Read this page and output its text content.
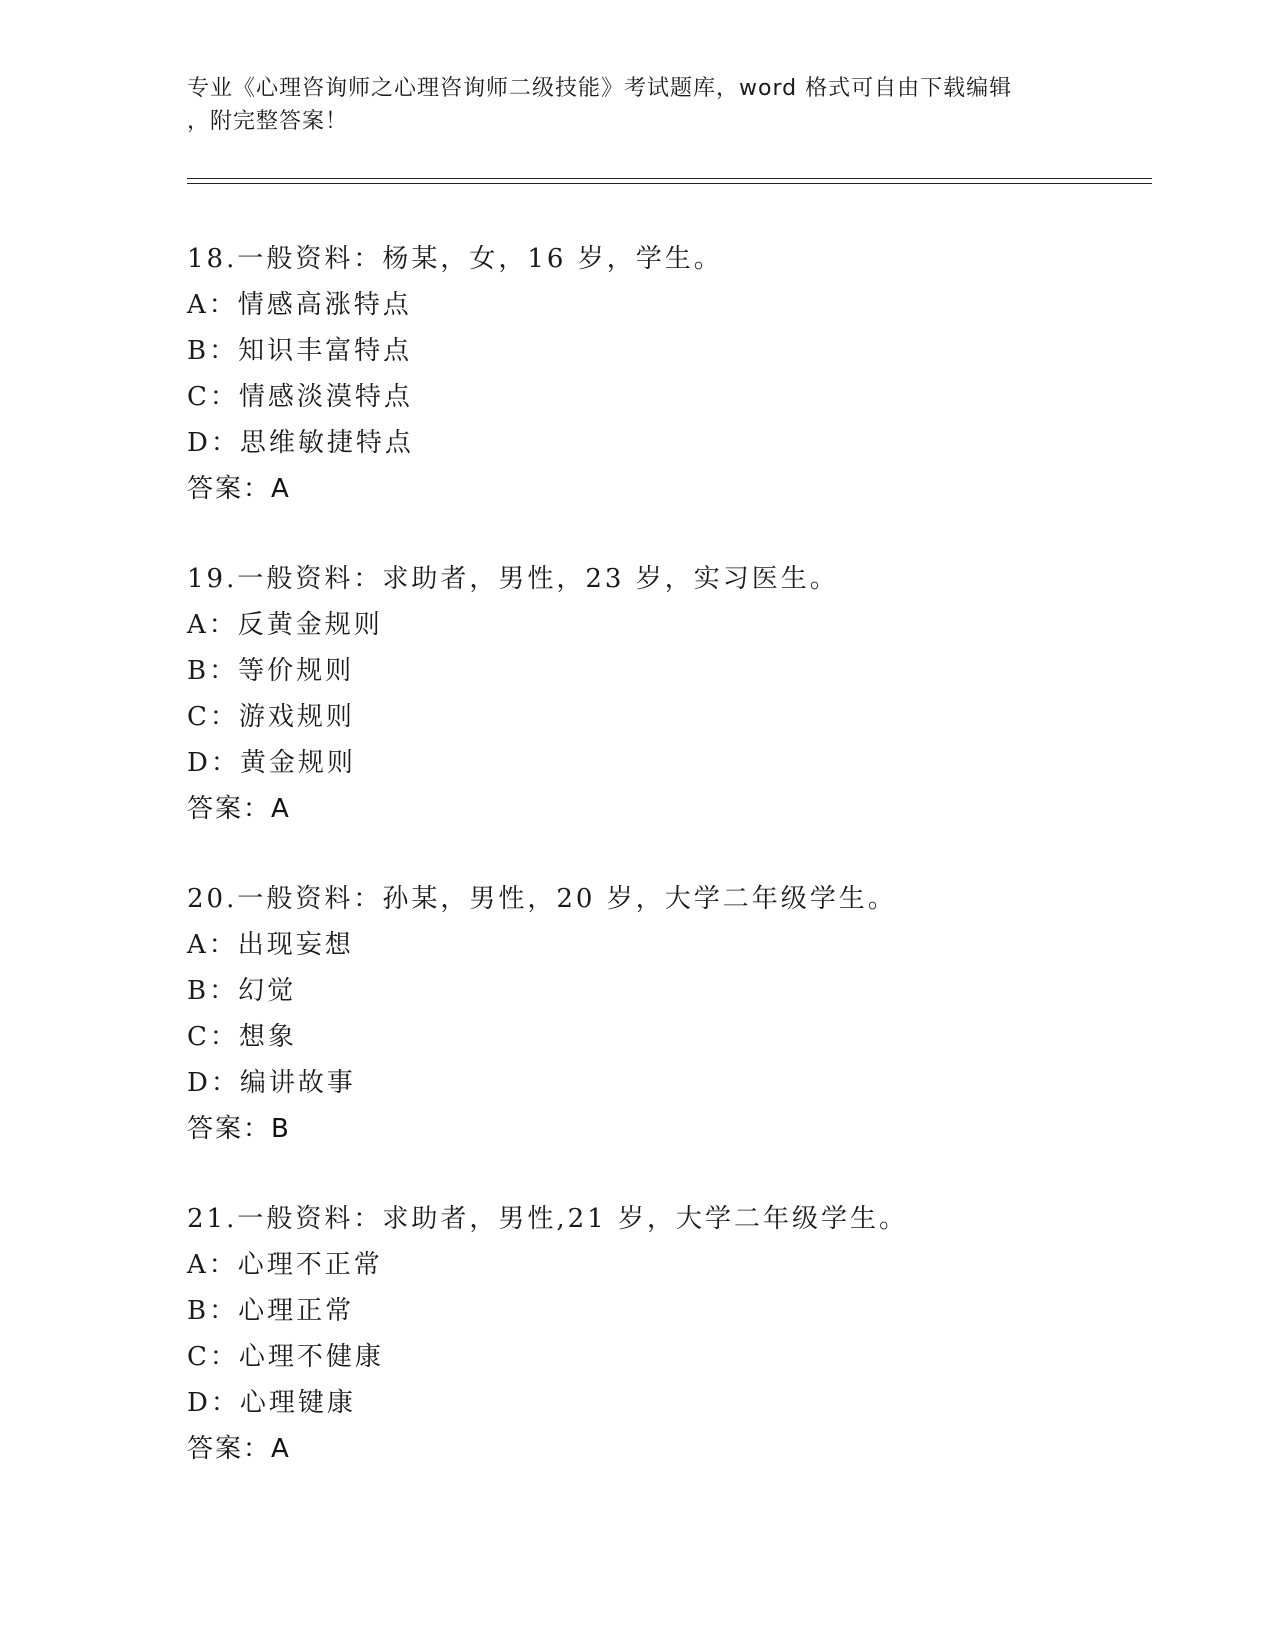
专业《心理咨询师之心理咨询师二级技能》考试题库，word 格式可自由下载编辑

，附完整答案！

18.一般资料：杨某，女，16 岁，学生。
A：情感高涨特点
B：知识丰富特点
C：情感淡漠特点
D：思维敏捷特点
答案：A
19.一般资料：求助者，男性，23 岁，实习医生。
A：反黄金规则
B：等价规则
C：游戏规则
D：黄金规则
答案：A
20.一般资料：孙某，男性，20 岁，大学二年级学生。
A：出现妄想
B：幻觉
C：想象
D：编讲故事
答案：B
21.一般资料：求助者，男性,21 岁，大学二年级学生。
A：心理不正常
B：心理正常
C：心理不健康
D：心理键康
答案：A
